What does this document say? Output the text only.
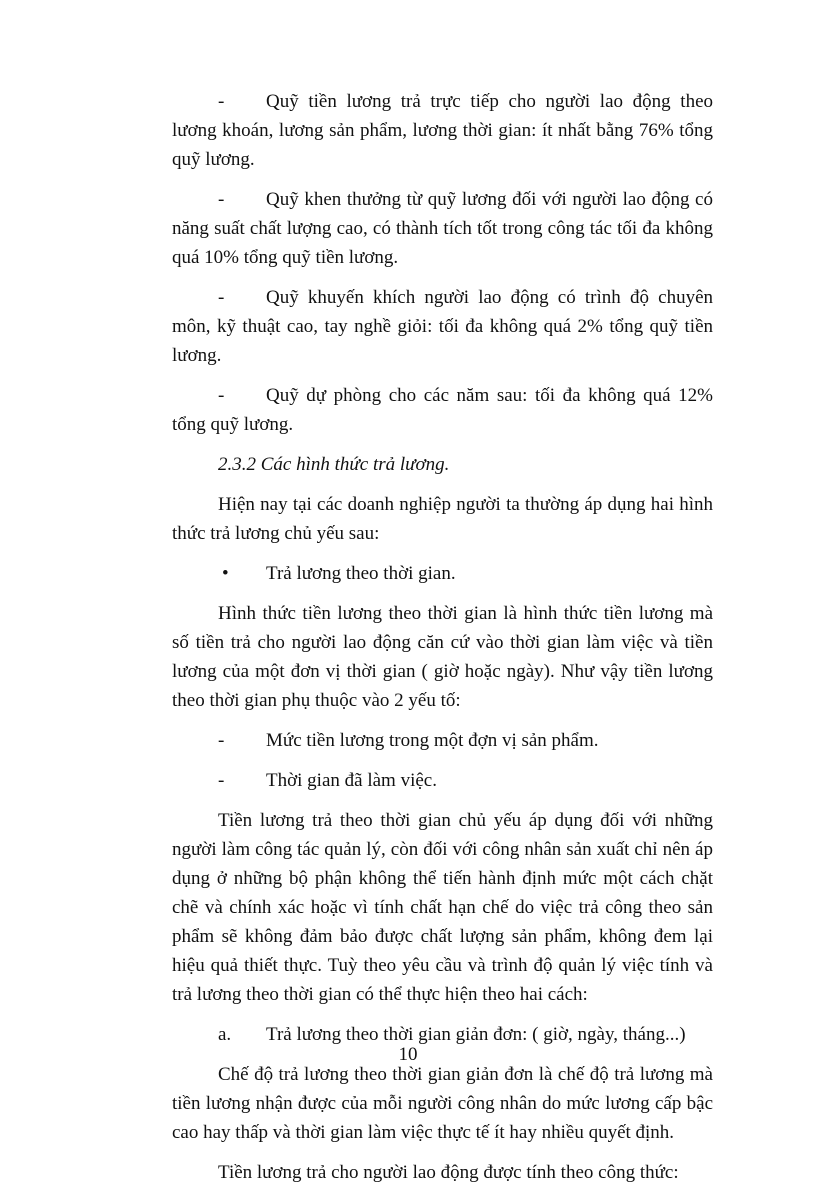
- Quỹ tiền lương trả trực tiếp cho người lao động theo lương khoán, lương sản phẩm, lương thời gian: ít nhất bằng 76% tổng quỹ lương.
- Quỹ khen thưởng từ quỹ lương đối với người lao động có năng suất chất lượng cao, có thành tích tốt trong công tác tối đa không quá 10% tổng quỹ tiền lương.
- Quỹ khuyến khích người lao động có trình độ chuyên môn, kỹ thuật cao, tay nghề giỏi: tối đa không quá 2% tổng quỹ tiền lương.
- Quỹ dự phòng cho các năm sau: tối đa không quá 12% tổng quỹ lương.

2.3.2 Các hình thức trả lương.

Hiện nay tại các doanh nghiệp người ta thường áp dụng hai hình thức trả lương chủ yếu sau:

• Trả lương theo thời gian.

Hình thức tiền lương theo thời gian là hình thức tiền lương mà số tiền trả cho người lao động căn cứ vào thời gian làm việc và tiền lương của một đơn vị thời gian ( giờ hoặc ngày). Như vậy tiền lương theo thời gian phụ thuộc vào 2 yếu tố:

- Mức tiền lương trong một đợn vị sản phẩm.
- Thời gian đã làm việc.

Tiền lương trả theo thời gian chủ yếu áp dụng đối với những người làm công tác quản lý, còn đối với công nhân sản xuất chỉ nên áp dụng ở những bộ phận không thể tiến hành định mức một cách chặt chẽ và chính xác hoặc vì tính chất hạn chế do việc trả công theo sản phẩm sẽ không đảm bảo được chất lượng sản phẩm, không đem lại hiệu quả thiết thực. Tuỳ theo yêu cầu và trình độ quản lý việc tính và trả lương theo thời gian có thể thực hiện theo hai cách:

a. Trả lương theo thời gian giản đơn: ( giờ, ngày, tháng...)

Chế độ trả lương theo thời gian giản đơn là chế độ trả lương mà tiền lương nhận được của mỗi người công nhân do mức lương cấp bậc cao hay thấp và thời gian làm việc thực tế ít hay nhiều quyết định.

Tiền lương trả cho người lao động được tính theo công thức:

10
